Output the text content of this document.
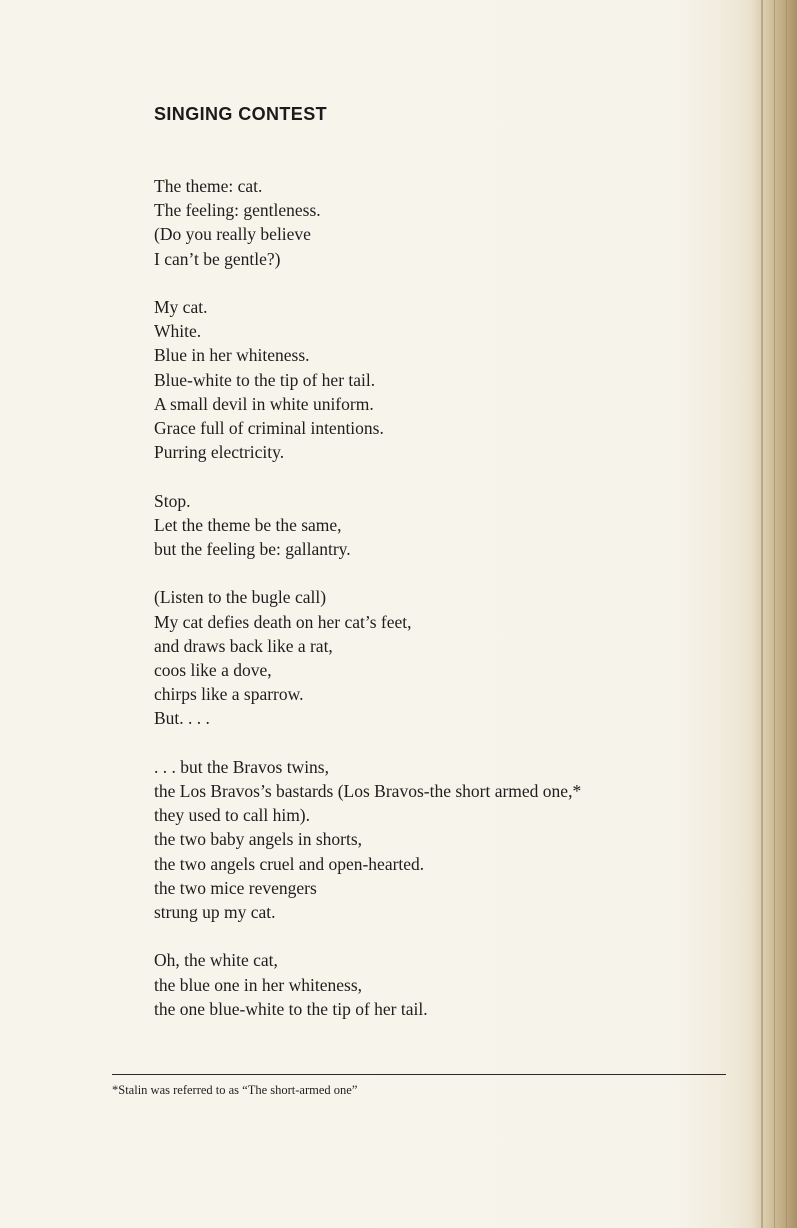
SINGING CONTEST
The theme: cat.
The feeling: gentleness.
(Do you really believe
I can’t be gentle?)
My cat.
White.
Blue in her whiteness.
Blue-white to the tip of her tail.
A small devil in white uniform.
Grace full of criminal intentions.
Purring electricity.
Stop.
Let the theme be the same,
but the feeling be: gallantry.
(Listen to the bugle call)
My cat defies death on her cat’s feet,
and draws back like a rat,
coos like a dove,
chirps like a sparrow.
But. . . .
. . . but the Bravos twins,
the Los Bravos’s bastards (Los Bravos-the short armed one,*
they used to call him).
the two baby angels in shorts,
the two angels cruel and open-hearted.
the two mice revengers
strung up my cat.
Oh, the white cat,
the blue one in her whiteness,
the one blue-white to the tip of her tail.
*Stalin was referred to as “The short-armed one”
